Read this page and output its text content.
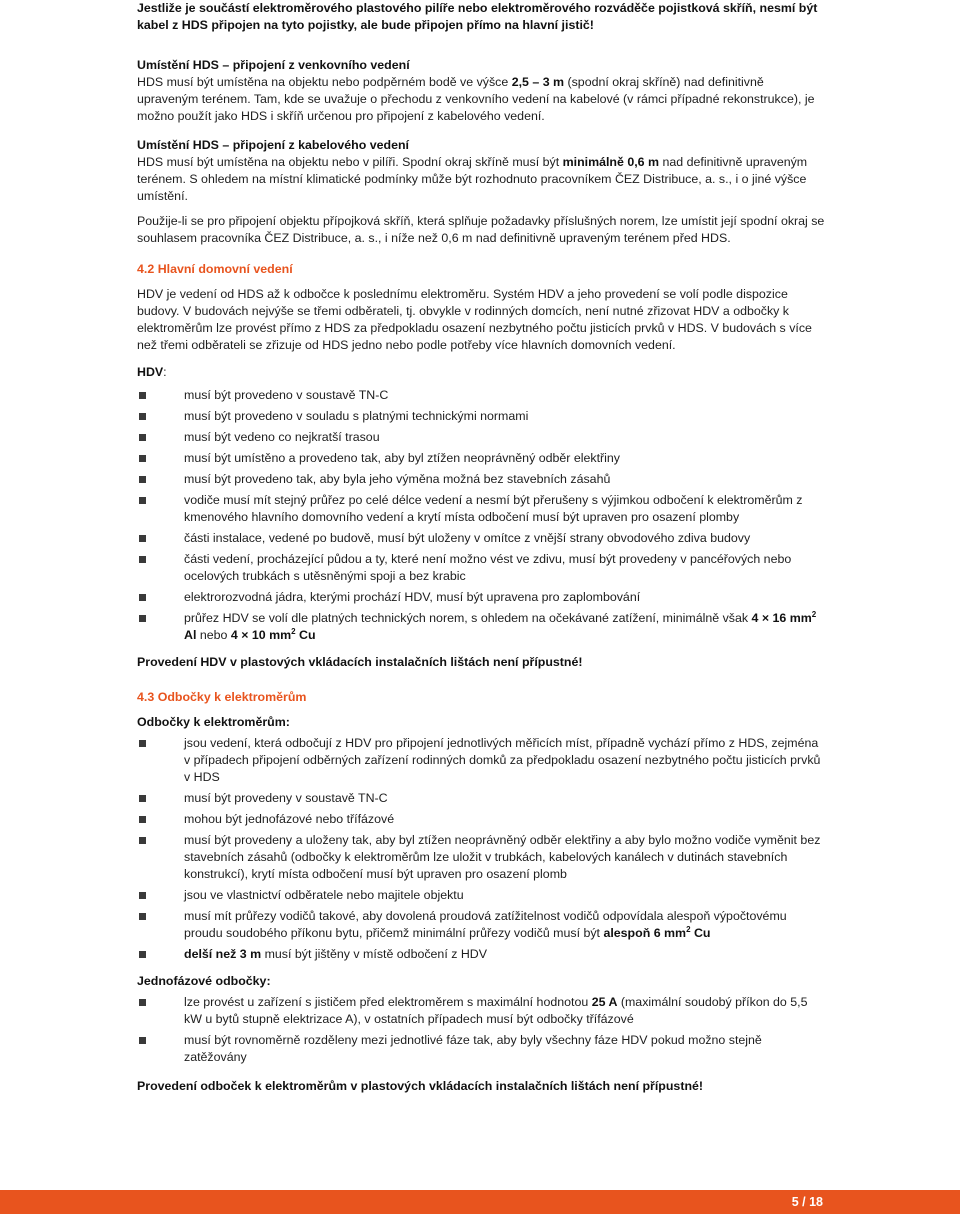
Jestliže je součástí elektroměrového plastového pilíře nebo elektroměrového rozváděče pojistková skříň, nesmí být kabel z HDS připojen na tyto pojistky, ale bude připojen přímo na hlavní jistič!

Umístění HDS – připojení z venkovního vedení

HDS musí být umístěna na objektu nebo podpěrném bodě ve výšce 2,5 – 3 m (spodní okraj skříně) nad definitivně upraveným terénem. Tam, kde se uvažuje o přechodu z venkovního vedení na kabelové (v rámci případné rekonstrukce), je možno použít jako HDS i skříň určenou pro připojení z kabelového vedení.

Umístění HDS – připojení z kabelového vedení

HDS musí být umístěna na objektu nebo v pilíři. Spodní okraj skříně musí být minimálně 0,6 m nad definitivně upraveným terénem. S ohledem na místní klimatické podmínky může být rozhodnuto pracovníkem ČEZ Distribuce, a. s., i o jiné výšce umístění.

Použije-li se pro připojení objektu přípojková skříň, která splňuje požadavky příslušných norem, lze umístit její spodní okraj se souhlasem pracovníka ČEZ Distribuce, a. s., i níže než 0,6 m nad definitivně upraveným terénem před HDS.

4.2 Hlavní domovní vedení

HDV je vedení od HDS až k odbočce k poslednímu elektroměru. Systém HDV a jeho provedení se volí podle dispozice budovy. V budovách nejvýše se třemi odběrateli, tj. obvykle v rodinných domcích, není nutné zřizovat HDV a odbočky k elektroměrům lze provést přímo z HDS za předpokladu osazení nezbytného počtu jisticích prvků v HDS. V budovách s více než třemi odběrateli se zřizuje od HDS jedno nebo podle potřeby více hlavních domovních vedení.

HDV:

musí být provedeno v soustavě TN-C
musí být provedeno v souladu s platnými technickými normami
musí být vedeno co nejkratší trasou
musí být umístěno a provedeno tak, aby byl ztížen neoprávněný odběr elektřiny
musí být provedeno tak, aby byla jeho výměna možná bez stavebních zásahů
vodiče musí mít stejný průřez po celé délce vedení a nesmí být přerušeny s výjimkou odbočení k elektroměrům z kmenového hlavního domovního vedení a krytí místa odbočení musí být upraven pro osazení plomby
části instalace, vedené po budově, musí být uloženy v omítce z vnější strany obvodového zdiva budovy
části vedení, procházející půdou a ty, které není možno vést ve zdivu, musí být provedeny v pancéřových nebo ocelových trubkách s utěsněnými spoji a bez krabic
elektrorozvodná jádra, kterými prochází HDV, musí být upravena pro zaplombování
průřez HDV se volí dle platných technických norem, s ohledem na očekávané zatížení, minimálně však 4 × 16 $mm^2$ Al nebo 4 × 10 $mm^2$ Cu

Provedení HDV v plastových vkládacích instalačních lištách není přípustné!

4.3 Odbočky k elektroměrům

Odbočky k elektroměrům:

jsou vedení, která odbočují z HDV pro připojení jednotlivých měřicích míst, případně vychází přímo z HDS, zejména v případech připojení odběrných zařízení rodinných domků za předpokladu osazení nezbytného počtu jisticích prvků v HDS
musí být provedeny v soustavě TN-C
mohou být jednofázové nebo třífázové
musí být provedeny a uloženy tak, aby byl ztížen neoprávněný odběr elektřiny a aby bylo možno vodiče vyměnit bez stavebních zásahů (odbočky k elektroměrům lze uložit v trubkách, kabelových kanálech v dutinách stavebních konstrukcí), krytí místa odbočení musí být upraven pro osazení plomb
jsou ve vlastnictví odběratele nebo majitele objektu
musí mít průřezy vodičů takové, aby dovolená proudová zatížitelnost vodičů odpovídala alespoň výpočtovému proudu soudobého příkonu bytu, přičemž minimální průřezy vodičů musí být alespoň 6 $mm^2$ Cu
delší než 3 m musí být jištěny v místě odbočení z HDV

Jednofázové odbočky:

lze provést u zařízení s jističem před elektroměrem s maximální hodnotou 25 A (maximální soudobý příkon do 5,5 kW u bytů stupně elektrizace A), v ostatních případech musí být odbočky třífázové
musí být rovnoměrně rozděleny mezi jednotlivé fáze tak, aby byly všechny fáze HDV pokud možno stejně zatěžovány

Provedení odboček k elektroměrům v plastových vkládacích instalačních lištách není přípustné!

5 / 18
